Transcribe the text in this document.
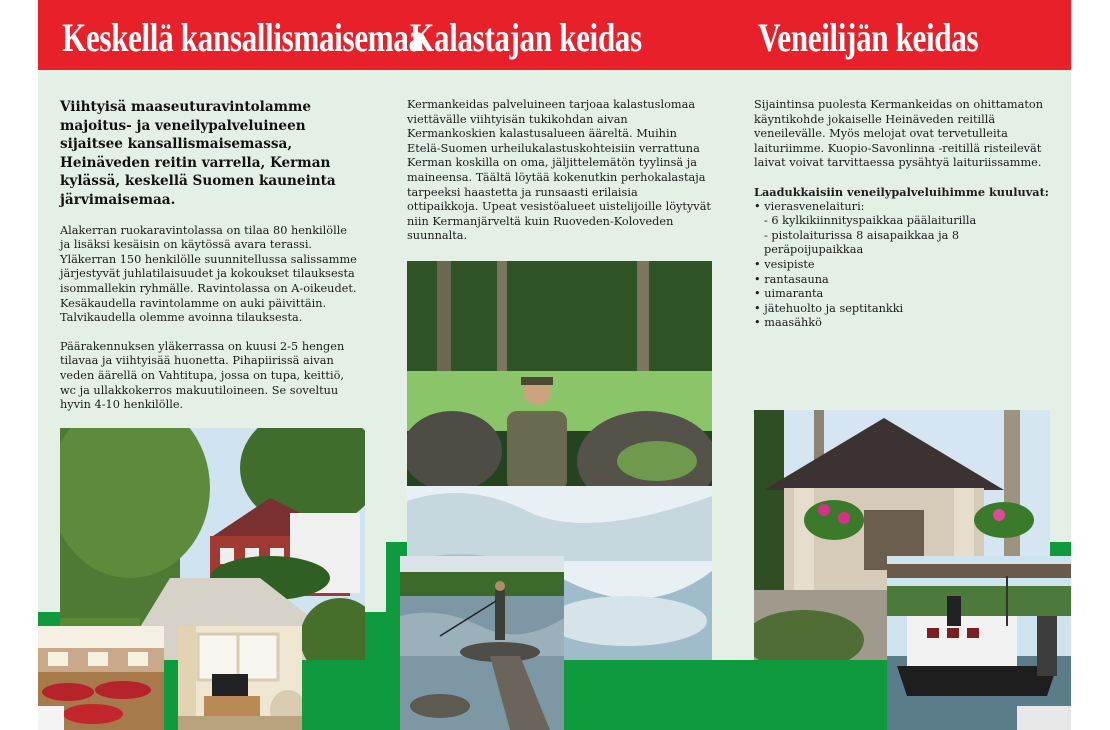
Keskellä kansallismaisemaa
Kalastajan keidas	Veneilijän keidas

Viihtyisä maaseuturavintolamme majoitus- ja veneilypalveluineen sijaitsee kansallismaisemassa, Heinäveden reitin varrella, Kerman kylässä, keskellä Suomen kauneinta järvimaisemaa.

Alakerran ruokaravintolassa on tilaa 80 henkilölle ja lisäksi kesäisin on käytössä avara terassi. Yläkerran 150 henkilölle suunnitellussa salissamme järjestyvät juhlatilaisuudet ja kokoukset tilauksesta isommallekin ryhmälle. Ravintolassa on A-oikeudet. Kesäkaudella ravintolamme on auki päivittäin. Talvikaudella olemme avoinna tilauksesta.

Päärakennuksen yläkerrassa on kuusi 2-5 hengen tilavaa ja viihtyisää huonetta. Pihapiirissä aivan veden äärellä on Vahtitupa, jossa on tupa, keittiö, wc ja ullakkokerros makuutiloineen. Se soveltuu hyvin 4-10 henkilölle.

Kermankeidas palveluineen tarjoaa kalastuslomaa viettävälle viihtyisän tukikohdan aivan Kermankoskien kalastusalueen ääreltä. Muihin Etelä-Suomen urheilukalastuskohteisiin verrattuna Kerman koskilla on oma, jäljittelemätön tyylinsä ja maineensa. Täältä löytää kokenutkin perhokalastaja tarpeeksi haastetta ja runsaasti erilaisia ottipaikkoja. Upeat vesistöalueet uistelijoille löytyvät niin Kermanjärveltä kuin Ruoveden-Koloveden suunnalta.

Sijaintinsa puolesta Kermankeidas on ohittamaton käyntikohde jokaiselle Heinäveden reitillä veneilevälle. Myös melojat ovat tervetulleita laituriimme. Kuopio-Savonlinna -reitillä risteilevät laivat voivat tarvittaessa pysähtyä laituriissamme.

Laadukkaisiin veneilypalveluihimme kuuluvat:

• vierasvenelaituri:
- 6 kylkikiinnityspaikkaa päälaiturilla
- pistolaiturissa 8 aisapaikkaa ja 8 peräpoijupaikkaa
• vesipiste
• rantasauna
• uimaranta
• jätehuolto ja septitankki
• maasähkö
